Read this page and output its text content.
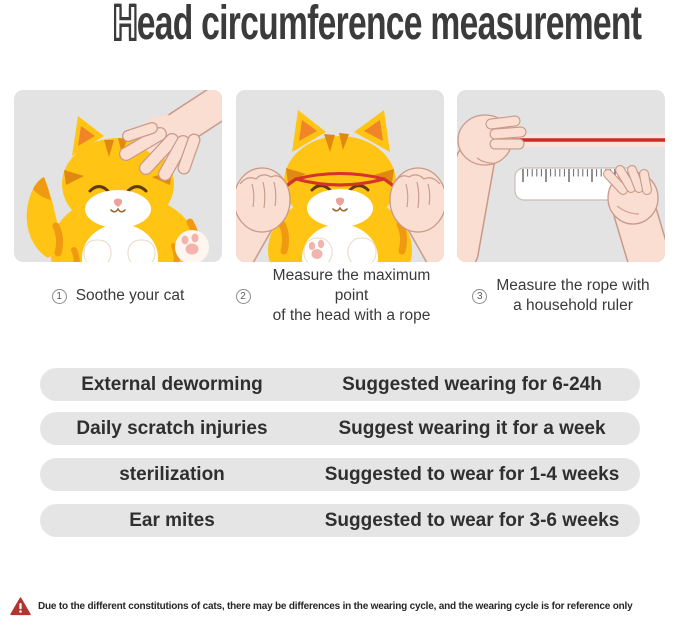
Head circumference measurement
1 Soothe your cat	2
Measure the maximum point
of the head with a rope
3
Measure the rope with
a household ruler
External deworming	Suggested wearing for 6-24h
Daily scratch injuries	Suggest wearing it for a week
sterilization	Suggested to wear for 1-4 weeks
Ear mites	Suggested to wear for 3-6 weeks
Due to the different constitutions of cats, there may be differences in the wearing cycle, and the wearing cycle is for reference only
